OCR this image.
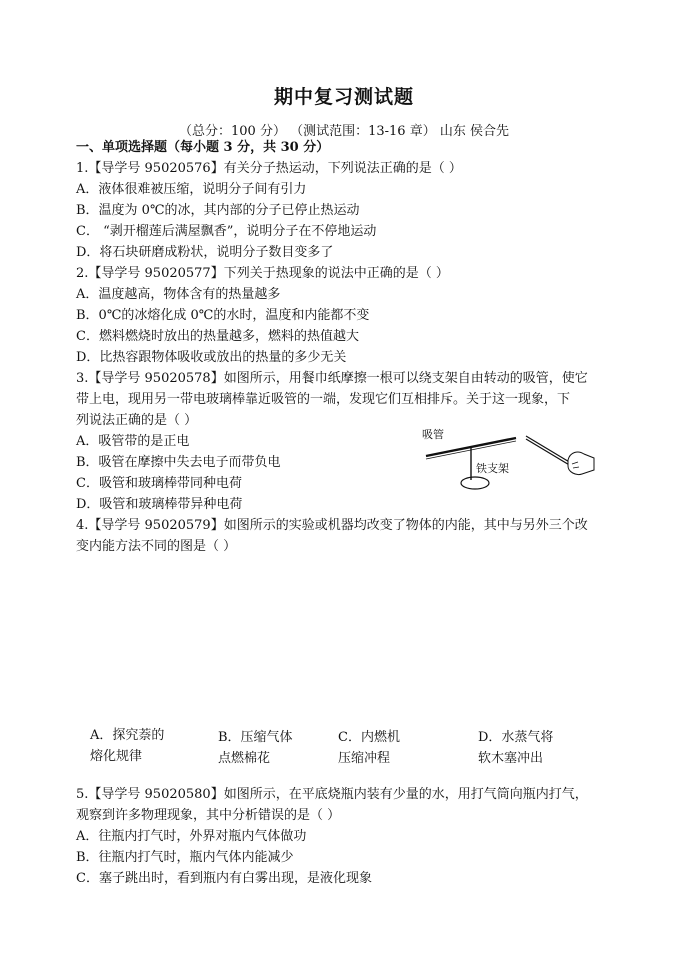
期中复习测试题
（总分：100 分） （测试范围：13-16 章） 山东 侯合先
一、单项选择题（每小题 3 分，共 30 分）
1.【导学号 95020576】有关分子热运动，下列说法正确的是（ ）
A．液体很难被压缩，说明分子间有引力
B．温度为 0℃的冰，其内部的分子已停止热运动
C． “剥开榴莲后满屋飘香”，说明分子在不停地运动
D．将石块研磨成粉状，说明分子数目变多了
2.【导学号 95020577】下列关于热现象的说法中正确的是（ ）
A．温度越高，物体含有的热量越多
B．0℃的冰熔化成 0℃的水时，温度和内能都不变
C．燃料燃烧时放出的热量越多，燃料的热值越大
D．比热容跟物体吸收或放出的热量的多少无关
3.【导学号 95020578】如图所示，用餐巾纸摩擦一根可以绕支架自由转动的吸管，使它
带上电，现用另一带电玻璃棒靠近吸管的一端，发现它们互相排斥。关于这一现象，下
列说法正确的是（ ）
A．吸管带的是正电
B．吸管在摩擦中失去电子而带负电
C．吸管和玻璃棒带同种电荷
D．吸管和玻璃棒带异种电荷
吸管
铁支架
4.【导学号 95020579】如图所示的实验或机器均改变了物体的内能，其中与另外三个改
变内能方法不同的图是（ ）
A．探究萘的
熔化规律
B．压缩气体
点燃棉花
C．内燃机
压缩冲程
D．水蒸气将
软木塞冲出
5.【导学号 95020580】如图所示，在平底烧瓶内装有少量的水，用打气筒向瓶内打气，
观察到许多物理现象，其中分析错误的是（ ）
A．往瓶内打气时，外界对瓶内气体做功
B．往瓶内打气时，瓶内气体内能减少
C．塞子跳出时，看到瓶内有白雾出现，是液化现象
